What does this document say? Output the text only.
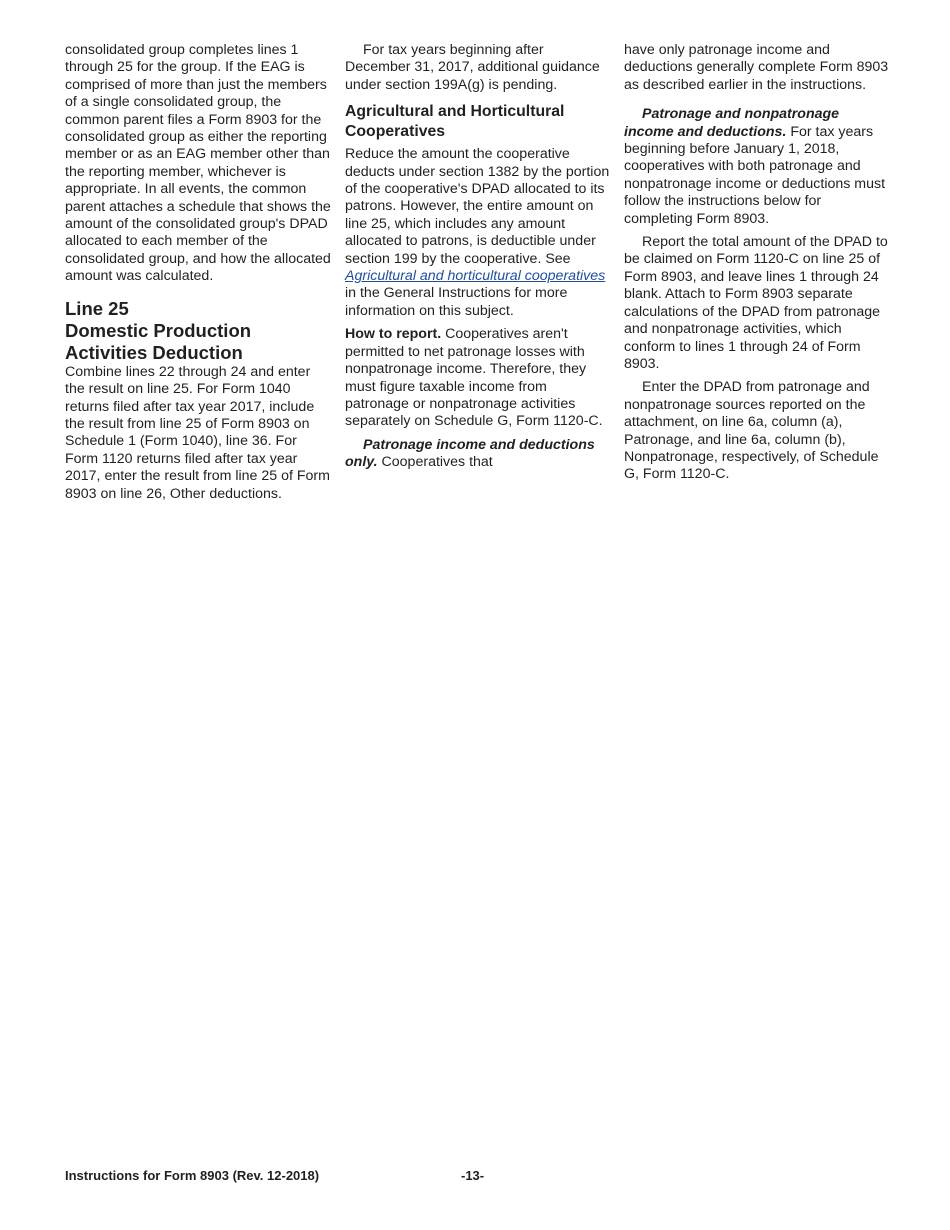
consolidated group completes lines 1 through 25 for the group. If the EAG is comprised of more than just the members of a single consolidated group, the common parent files a Form 8903 for the consolidated group as either the reporting member or as an EAG member other than the reporting member, whichever is appropriate. In all events, the common parent attaches a schedule that shows the amount of the consolidated group's DPAD allocated to each member of the consolidated group, and how the allocated amount was calculated.

Line 25
Domestic Production Activities Deduction

Combine lines 22 through 24 and enter the result on line 25. For Form 1040 returns filed after tax year 2017, include the result from line 25 of Form 8903 on Schedule 1 (Form 1040), line 36. For Form 1120 returns filed after tax year 2017, enter the result from line 25 of Form 8903 on line 26, Other deductions.

For tax years beginning after December 31, 2017, additional guidance under section 199A(g) is pending.

Agricultural and Horticultural Cooperatives

Reduce the amount the cooperative deducts under section 1382 by the portion of the cooperative's DPAD allocated to its patrons. However, the entire amount on line 25, which includes any amount allocated to patrons, is deductible under section 199 by the cooperative. See Agricultural and horticultural cooperatives in the General Instructions for more information on this subject.

How to report. Cooperatives aren't permitted to net patronage losses with nonpatronage income. Therefore, they must figure taxable income from patronage or nonpatronage activities separately on Schedule G, Form 1120-C.

Patronage income and deductions only. Cooperatives that

have only patronage income and deductions generally complete Form 8903 as described earlier in the instructions.

Patronage and nonpatronage income and deductions. For tax years beginning before January 1, 2018, cooperatives with both patronage and nonpatronage income or deductions must follow the instructions below for completing Form 8903.

Report the total amount of the DPAD to be claimed on Form 1120-C on line 25 of Form 8903, and leave lines 1 through 24 blank. Attach to Form 8903 separate calculations of the DPAD from patronage and nonpatronage activities, which conform to lines 1 through 24 of Form 8903.

Enter the DPAD from patronage and nonpatronage sources reported on the attachment, on line 6a, column (a), Patronage, and line 6a, column (b), Nonpatronage, respectively, of Schedule G, Form 1120-C.

Instructions for Form 8903 (Rev. 12-2018)	-13-
